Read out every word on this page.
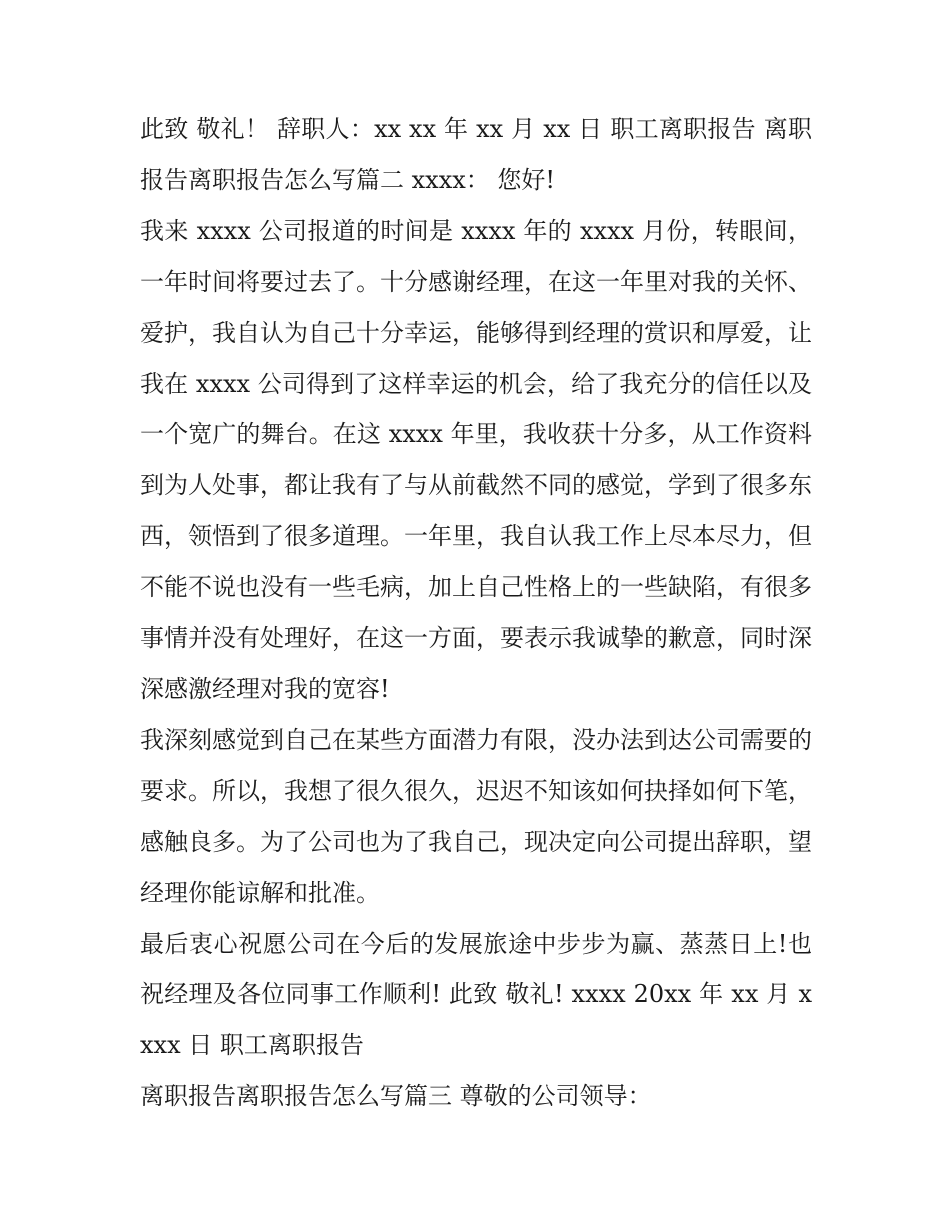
此致 敬礼！ 辞职人：xx xx 年 xx 月 xx 日 职工离职报告 离职报告离职报告怎么写篇二 xxxx： 您好!

我来 xxxx 公司报道的时间是 xxxx 年的 xxxx 月份，转眼间，一年时间将要过去了。十分感谢经理，在这一年里对我的关怀、爱护，我自认为自己十分幸运，能够得到经理的赏识和厚爱，让我在 xxxx 公司得到了这样幸运的机会，给了我充分的信任以及一个宽广的舞台。在这 xxxx 年里，我收获十分多，从工作资料到为人处事，都让我有了与从前截然不同的感觉，学到了很多东西，领悟到了很多道理。一年里，我自认我工作上尽本尽力，但不能不说也没有一些毛病，加上自己性格上的一些缺陷，有很多事情并没有处理好，在这一方面，要表示我诚挚的歉意，同时深深感激经理对我的宽容!

我深刻感觉到自己在某些方面潜力有限，没办法到达公司需要的要求。所以，我想了很久很久，迟迟不知该如何抉择如何下笔，感触良多。为了公司也为了我自己，现决定向公司提出辞职，望经理你能谅解和批准。

最后衷心祝愿公司在今后的发展旅途中步步为赢、蒸蒸日上!也祝经理及各位同事工作顺利! 此致 敬礼! xxxx 20xx 年 xx 月 xxxx 日 职工离职报告

离职报告离职报告怎么写篇三 尊敬的公司领导：
